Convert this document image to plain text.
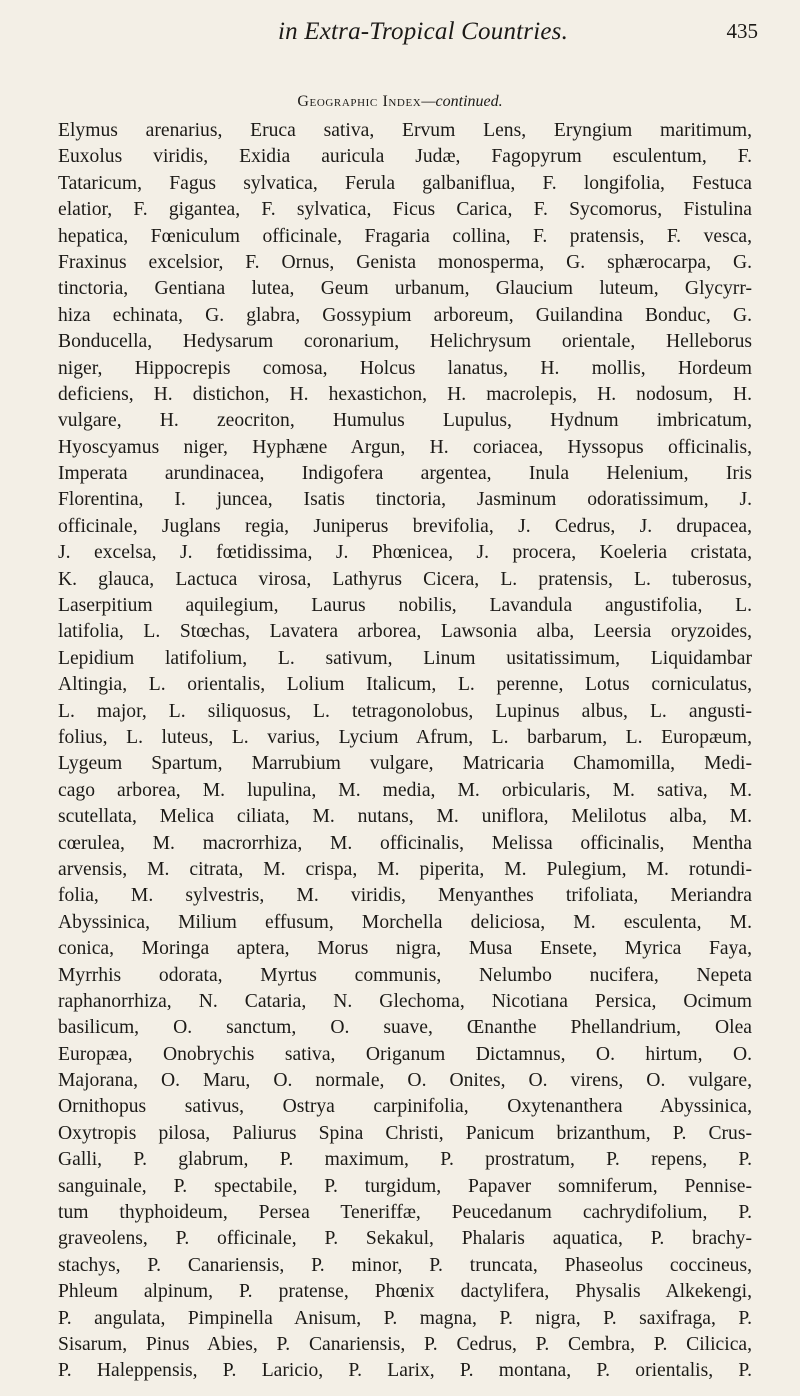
in Extra-Tropical Countries.	435
Geographic Index—continued.
Elymus arenarius, Eruca sativa, Ervum Lens, Eryngium maritimum,
Euxolus viridis, Exidia auricula Judæ, Fagopyrum esculentum, F.
Tataricum, Fagus sylvatica, Ferula galbaniflua, F. longifolia, Festuca
elatior, F. gigantea, F. sylvatica, Ficus Carica, F. Sycomorus, Fistulina
hepatica, Fœniculum officinale, Fragaria collina, F. pratensis, F. vesca,
Fraxinus excelsior, F. Ornus, Genista monosperma, G. sphærocarpa, G.
tinctoria, Gentiana lutea, Geum urbanum, Glaucium luteum, Glycyrr-
hiza echinata, G. glabra, Gossypium arboreum, Guilandina Bonduc, G.
Bonducella, Hedysarum coronarium, Helichrysum orientale, Helleborus
niger, Hippocrepis comosa, Holcus lanatus, H. mollis, Hordeum
deficiens, H. distichon, H. hexastichon, H. macrolepis, H. nodosum, H.
vulgare, H. zeocriton, Humulus Lupulus, Hydnum imbricatum,
Hyoscyamus niger, Hyphæne Argun, H. coriacea, Hyssopus officinalis,
Imperata arundinacea, Indigofera argentea, Inula Helenium, Iris
Florentina, I. juncea, Isatis tinctoria, Jasminum odoratissimum, J.
officinale, Juglans regia, Juniperus brevifolia, J. Cedrus, J. drupacea,
J. excelsa, J. fœtidissima, J. Phœnicea, J. procera, Koeleria cristata,
K. glauca, Lactuca virosa, Lathyrus Cicera, L. pratensis, L. tuberosus,
Laserpitium aquilegium, Laurus nobilis, Lavandula angustifolia, L.
latifolia, L. Stœchas, Lavatera arborea, Lawsonia alba, Leersia oryzoides,
Lepidium latifolium, L. sativum, Linum usitatissimum, Liquidambar
Altingia, L. orientalis, Lolium Italicum, L. perenne, Lotus corniculatus,
L. major, L. siliquosus, L. tetragonolobus, Lupinus albus, L. angusti-
folius, L. luteus, L. varius, Lycium Afrum, L. barbarum, L. Europæum,
Lygeum Spartum, Marrubium vulgare, Matricaria Chamomilla, Medi-
cago arborea, M. lupulina, M. media, M. orbicularis, M. sativa, M.
scutellata, Melica ciliata, M. nutans, M. uniflora, Melilotus alba, M.
cœrulea, M. macrorrhiza, M. officinalis, Melissa officinalis, Mentha
arvensis, M. citrata, M. crispa, M. piperita, M. Pulegium, M. rotundi-
folia, M. sylvestris, M. viridis, Menyanthes trifoliata, Meriandra
Abyssinica, Milium effusum, Morchella deliciosa, M. esculenta, M.
conica, Moringa aptera, Morus nigra, Musa Ensete, Myrica Faya,
Myrrhis odorata, Myrtus communis, Nelumbo nucifera, Nepeta
raphanorrhiza, N. Cataria, N. Glechoma, Nicotiana Persica, Ocimum
basilicum, O. sanctum, O. suave, Œnanthe Phellandrium, Olea
Europæa, Onobrychis sativa, Origanum Dictamnus, O. hirtum, O.
Majorana, O. Maru, O. normale, O. Onites, O. virens, O. vulgare,
Ornithopus sativus, Ostrya carpinifolia, Oxytenanthera Abyssinica,
Oxytropis pilosa, Paliurus Spina Christi, Panicum brizanthum, P. Crus-
Galli, P. glabrum, P. maximum, P. prostratum, P. repens, P.
sanguinale, P. spectabile, P. turgidum, Papaver somniferum, Pennise-
tum thyphoideum, Persea Teneriffæ, Peucedanum cachrydifolium, P.
graveolens, P. officinale, P. Sekakul, Phalaris aquatica, P. brachy-
stachys, P. Canariensis, P. minor, P. truncata, Phaseolus coccineus,
Phleum alpinum, P. pratense, Phœnix dactylifera, Physalis Alkekengi,
P. angulata, Pimpinella Anisum, P. magna, P. nigra, P. saxifraga, P.
Sisarum, Pinus Abies, P. Canariensis, P. Cedrus, P. Cembra, P. Cilicica,
P. Haleppensis, P. Laricio, P. Larix, P. montana, P. orientalis, P.
